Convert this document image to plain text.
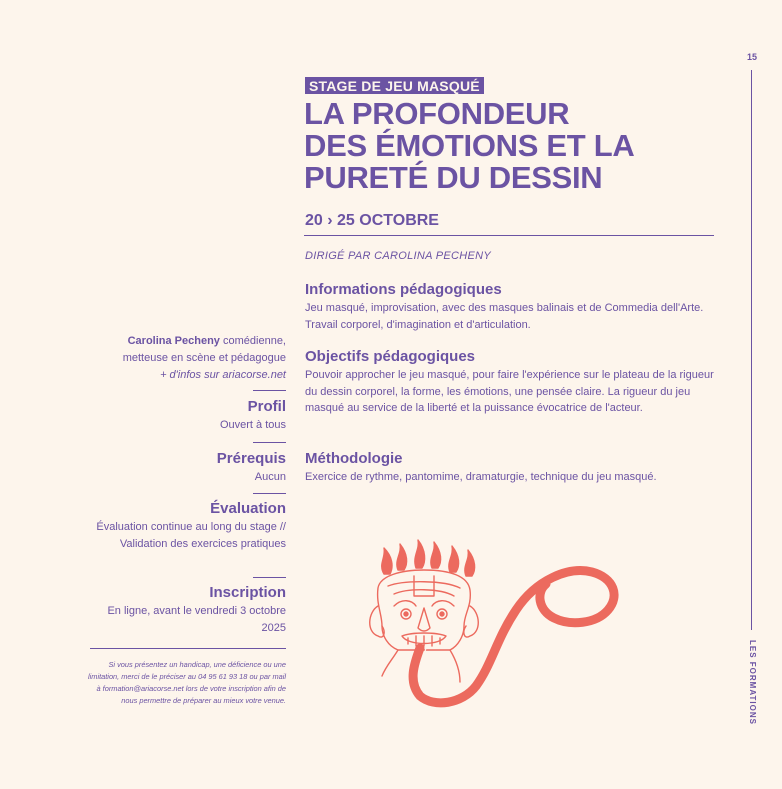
15
LES FORMATIONS
STAGE DE JEU MASQUÉ
LA PROFONDEUR
DES ÉMOTIONS ET LA
PURETÉ DU DESSIN
20 › 25 OCTOBRE
DIRIGÉ PAR CAROLINA PECHENY
Informations pédagogiques

Jeu masqué, improvisation, avec des masques balinais et de Commedia dell'Arte. Travail corporel, d'imagination et d'articulation.

Objectifs pédagogiques

Pouvoir approcher le jeu masqué, pour faire l'expérience sur le plateau de la rigueur du dessin corporel, la forme, les émotions, une pensée claire. La rigueur du jeu masqué au service de la liberté et la puissance évocatrice de l'acteur.

Méthodologie

Exercice de rythme, pantomime, dramaturgie, technique du jeu masqué.

Carolina Pecheny comédienne, metteuse en scène et pédagogue
+ d'infos sur ariacorse.net
Profil
Ouvert à tous
Prérequis
Aucun
Évaluation
Évaluation continue au long du stage // Validation des exercices pratiques
Inscription
En ligne, avant le vendredi 3 octobre 2025
Si vous présentez un handicap, une déficience ou une limitation, merci de le préciser au 04 95 61 93 18 ou par mail à formation@ariacorse.net lors de votre inscription afin de nous permettre de préparer au mieux votre venue.
